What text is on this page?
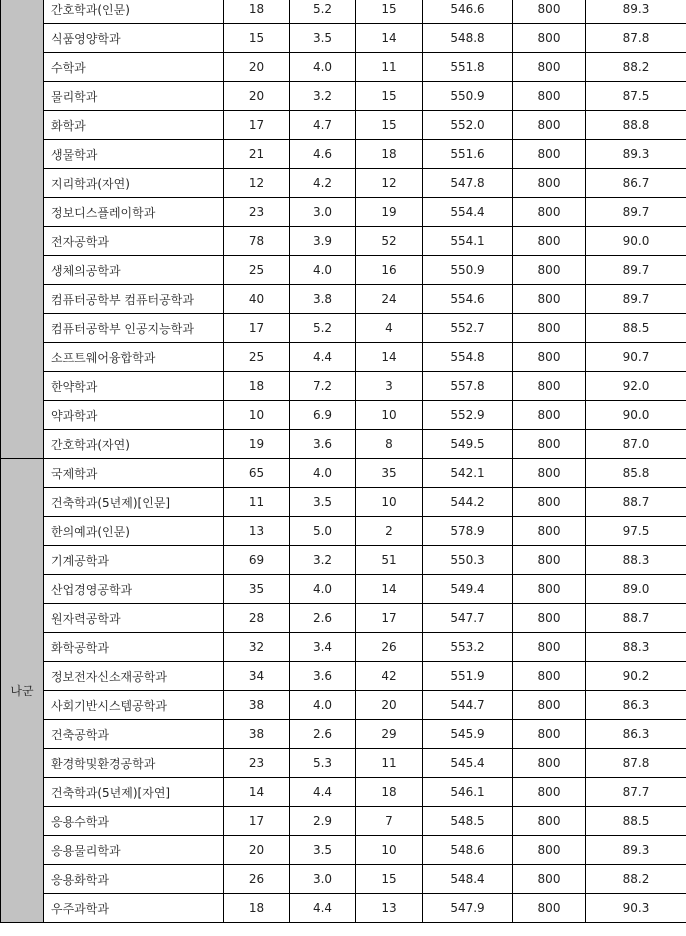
	간호학과(인문)	18	5.2	15	546.6	800	89.3
	식품영양학과	15	3.5	14	548.8	800	87.8
	수학과	20	4.0	11	551.8	800	88.2
	물리학과	20	3.2	15	550.9	800	87.5
	화학과	17	4.7	15	552.0	800	88.8
	생물학과	21	4.6	18	551.6	800	89.3
	지리학과(자연)	12	4.2	12	547.8	800	86.7
	정보디스플레이학과	23	3.0	19	554.4	800	89.7
	전자공학과	78	3.9	52	554.1	800	90.0
	생체의공학과	25	4.0	16	550.9	800	89.7
	컴퓨터공학부 컴퓨터공학과	40	3.8	24	554.6	800	89.7
	컴퓨터공학부 인공지능학과	17	5.2	4	552.7	800	88.5
	소프트웨어융합학과	25	4.4	14	554.8	800	90.7
	한약학과	18	7.2	3	557.8	800	92.0
	약과학과	10	6.9	10	552.9	800	90.0
	간호학과(자연)	19	3.6	8	549.5	800	87.0
나군	국제학과	65	4.0	35	542.1	800	85.8
	건축학과(5년제)[인문]	11	3.5	10	544.2	800	88.7
	한의예과(인문)	13	5.0	2	578.9	800	97.5
	기계공학과	69	3.2	51	550.3	800	88.3
	산업경영공학과	35	4.0	14	549.4	800	89.0
	원자력공학과	28	2.6	17	547.7	800	88.7
	화학공학과	32	3.4	26	553.2	800	88.3
	정보전자신소재공학과	34	3.6	42	551.9	800	90.2
	사회기반시스템공학과	38	4.0	20	544.7	800	86.3
	건축공학과	38	2.6	29	545.9	800	86.3
	환경학및환경공학과	23	5.3	11	545.4	800	87.8
	건축학과(5년제)[자연]	14	4.4	18	546.1	800	87.7
	응용수학과	17	2.9	7	548.5	800	88.5
	응용물리학과	20	3.5	10	548.6	800	89.3
	응용화학과	26	3.0	15	548.4	800	88.2
	우주과학과	18	4.4	13	547.9	800	90.3
